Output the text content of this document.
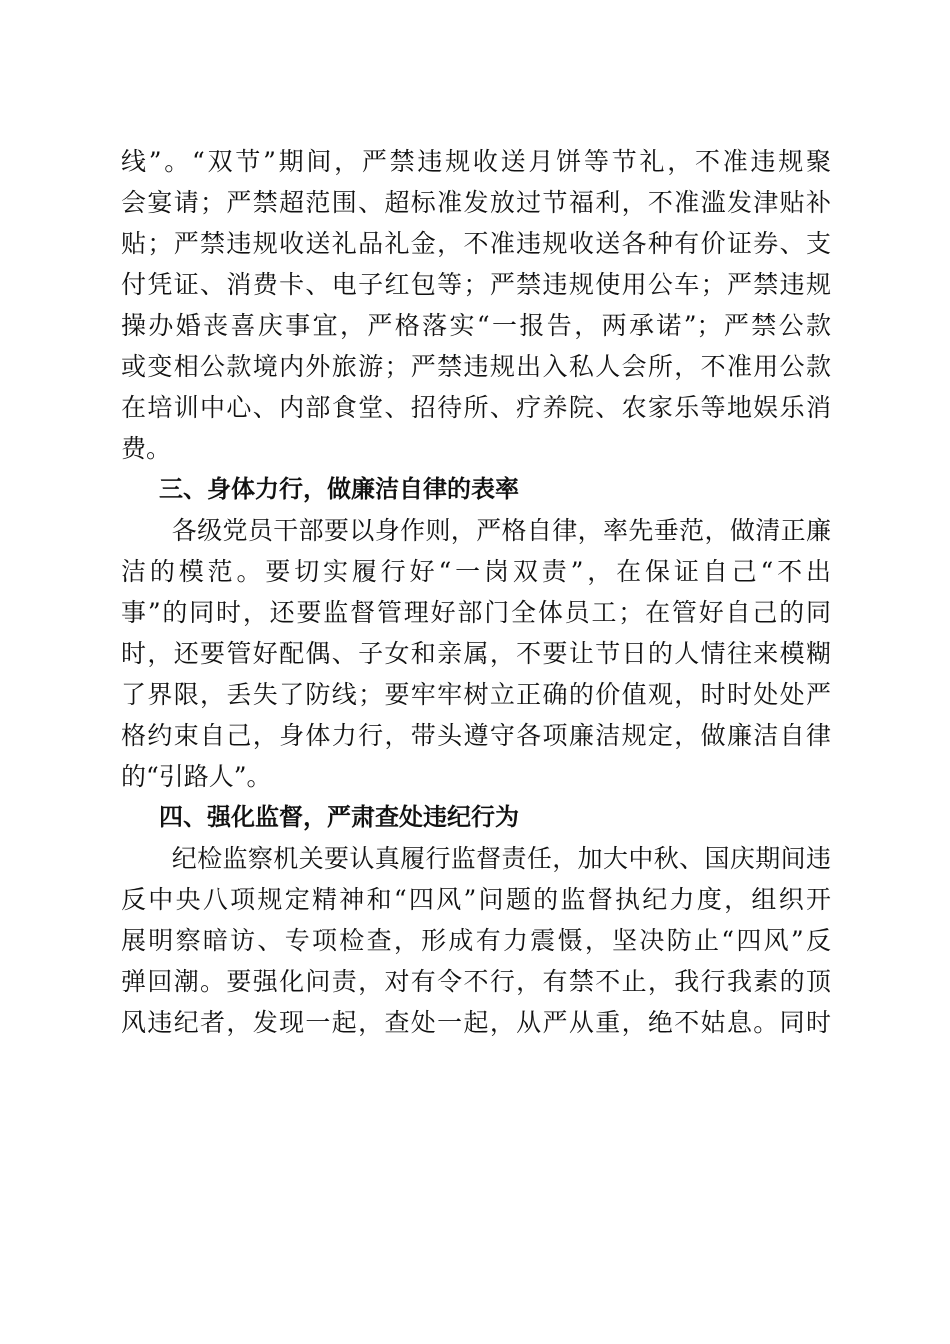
线”。“双节”期间，严禁违规收送月饼等节礼，不准违规聚
会宴请；严禁超范围、超标准发放过节福利，不准滥发津贴补
贴；严禁违规收送礼品礼金，不准违规收送各种有价证券、支
付凭证、消费卡、电子红包等；严禁违规使用公车；严禁违规
操办婚丧喜庆事宜，严格落实“一报告，两承诺”；严禁公款
或变相公款境内外旅游；严禁违规出入私人会所，不准用公款
在培训中心、内部食堂、招待所、疗养院、农家乐等地娱乐消
费。
三、身体力行，做廉洁自律的表率
　　各级党员干部要以身作则，严格自律，率先垂范，做清正廉
洁的模范。要切实履行好“一岗双责”，在保证自己“不出
事”的同时，还要监督管理好部门全体员工；在管好自己的同
时，还要管好配偶、子女和亲属，不要让节日的人情往来模糊
了界限，丢失了防线；要牢牢树立正确的价值观，时时处处严
格约束自己，身体力行，带头遵守各项廉洁规定，做廉洁自律
的“引路人”。
四、强化监督，严肃查处违纪行为
　　纪检监察机关要认真履行监督责任，加大中秋、国庆期间违
反中央八项规定精神和“四风”问题的监督执纪力度，组织开
展明察暗访、专项检查，形成有力震慑，坚决防止“四风”反
弹回潮。要强化问责，对有令不行，有禁不止，我行我素的顶
风违纪者，发现一起，查处一起，从严从重，绝不姑息。同时
